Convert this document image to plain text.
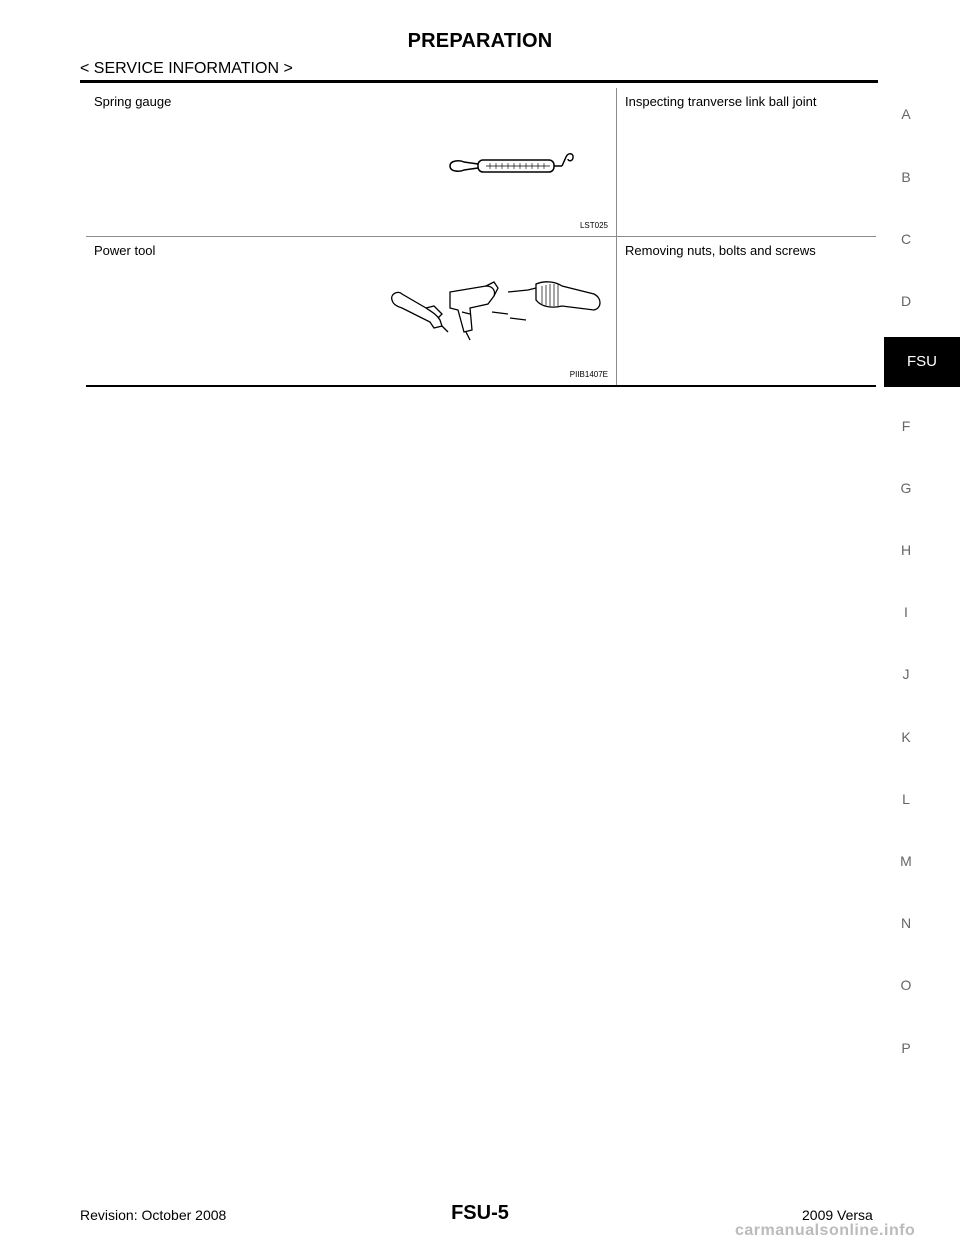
PREPARATION
< SERVICE INFORMATION >
Spring gauge
LST025
Inspecting tranverse link ball joint
Power tool
PIIB1407E
Removing nuts, bolts and screws
A
B
C
D
FSU
F
G
H
I
J
K
L
M
N
O
P
Revision: October 2008	FSU-5	2009 Versa
carmanualsonline.info
